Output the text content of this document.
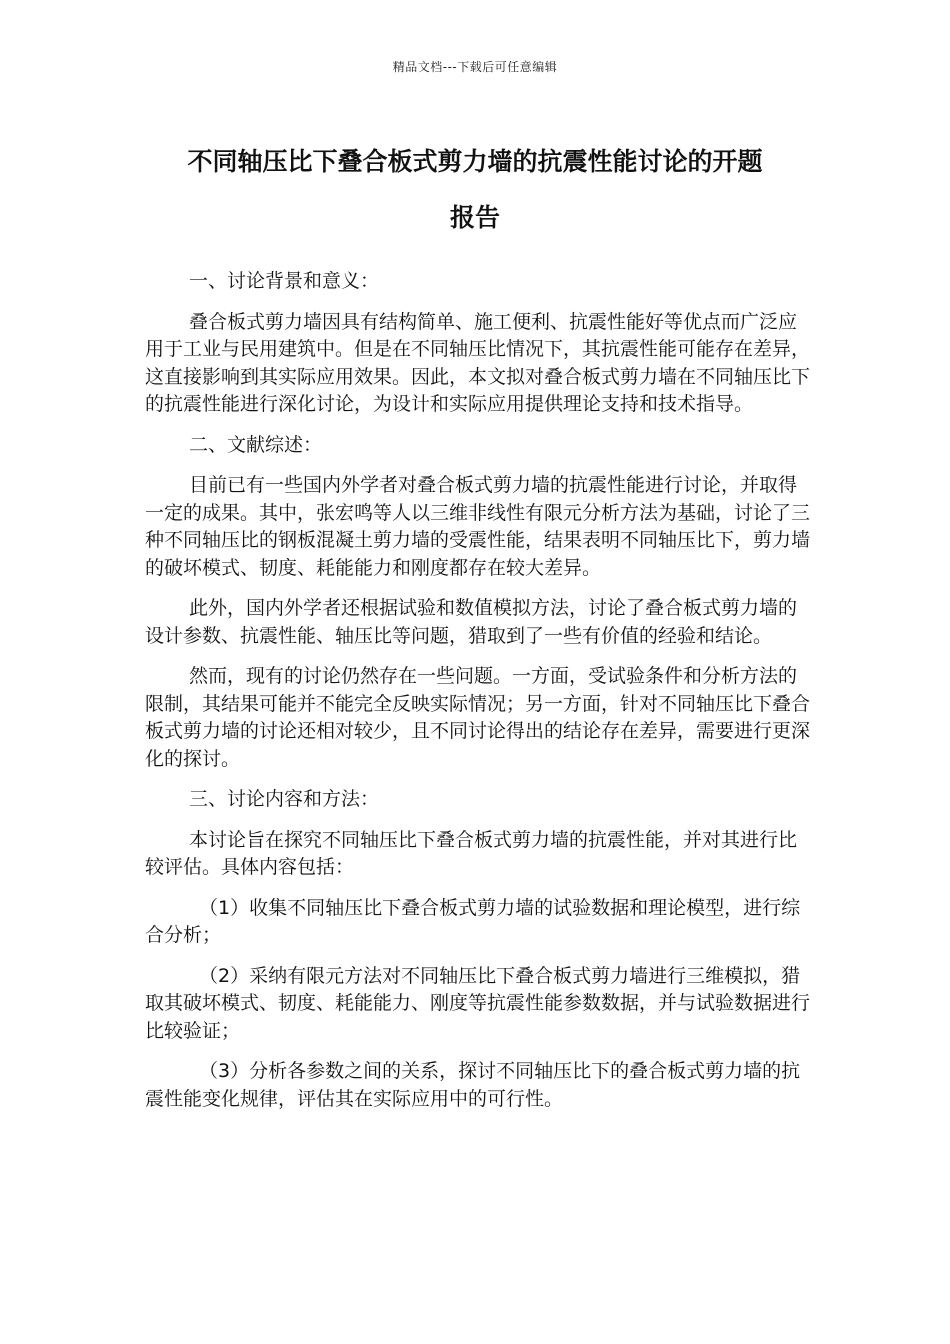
精品文档---下载后可任意编辑
不同轴压比下叠合板式剪力墙的抗震性能讨论的开题
报告

一、讨论背景和意义：

叠合板式剪力墙因具有结构简单、施工便利、抗震性能好等优点而广泛应用于工业与民用建筑中。但是在不同轴压比情况下，其抗震性能可能存在差异，这直接影响到其实际应用效果。因此，本文拟对叠合板式剪力墙在不同轴压比下的抗震性能进行深化讨论，为设计和实际应用提供理论支持和技术指导。

二、文献综述：

目前已有一些国内外学者对叠合板式剪力墙的抗震性能进行讨论，并取得一定的成果。其中，张宏鸣等人以三维非线性有限元分析方法为基础，讨论了三种不同轴压比的钢板混凝土剪力墙的受震性能，结果表明不同轴压比下，剪力墙的破坏模式、韧度、耗能能力和刚度都存在较大差异。

此外，国内外学者还根据试验和数值模拟方法，讨论了叠合板式剪力墙的设计参数、抗震性能、轴压比等问题，猎取到了一些有价值的经验和结论。

然而，现有的讨论仍然存在一些问题。一方面，受试验条件和分析方法的限制，其结果可能并不能完全反映实际情况；另一方面，针对不同轴压比下叠合板式剪力墙的讨论还相对较少，且不同讨论得出的结论存在差异，需要进行更深化的探讨。

三、讨论内容和方法：

本讨论旨在探究不同轴压比下叠合板式剪力墙的抗震性能，并对其进行比较评估。具体内容包括：

（1）收集不同轴压比下叠合板式剪力墙的试验数据和理论模型，进行综合分析；

（2）采纳有限元方法对不同轴压比下叠合板式剪力墙进行三维模拟，猎取其破坏模式、韧度、耗能能力、刚度等抗震性能参数数据，并与试验数据进行比较验证；

（3）分析各参数之间的关系，探讨不同轴压比下的叠合板式剪力墙的抗震性能变化规律，评估其在实际应用中的可行性。
